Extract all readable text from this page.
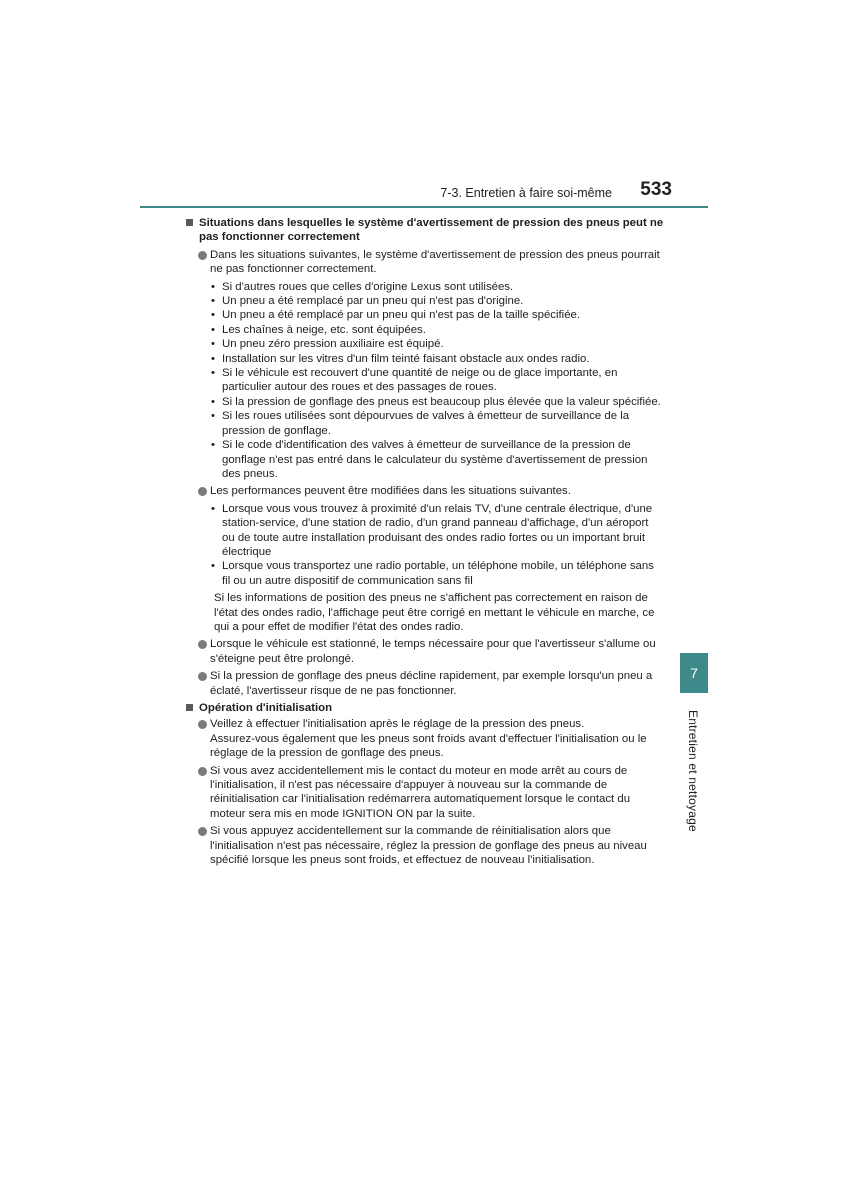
7-3. Entretien à faire soi-même 533
7
Entretien et nettoyage
Situations dans lesquelles le système d'avertissement de pression des pneus peut ne pas fonctionner correctement
Dans les situations suivantes, le système d'avertissement de pression des pneus pourrait ne pas fonctionner correctement.
• Si d'autres roues que celles d'origine Lexus sont utilisées.
• Un pneu a été remplacé par un pneu qui n'est pas d'origine.
• Un pneu a été remplacé par un pneu qui n'est pas de la taille spécifiée.
• Les chaînes à neige, etc. sont équipées.
• Un pneu zéro pression auxiliaire est équipé.
• Installation sur les vitres d'un film teinté faisant obstacle aux ondes radio.
• Si le véhicule est recouvert d'une quantité de neige ou de glace importante, en particulier autour des roues et des passages de roues.
• Si la pression de gonflage des pneus est beaucoup plus élevée que la valeur spécifiée.
• Si les roues utilisées sont dépourvues de valves à émetteur de surveillance de la pression de gonflage.
• Si le code d'identification des valves à émetteur de surveillance de la pression de gonflage n'est pas entré dans le calculateur du système d'avertissement de pression des pneus.
Les performances peuvent être modifiées dans les situations suivantes.
• Lorsque vous vous trouvez à proximité d'un relais TV, d'une centrale électrique, d'une station-service, d'une station de radio, d'un grand panneau d'affichage, d'un aéroport ou de toute autre installation produisant des ondes radio fortes ou un important bruit électrique
• Lorsque vous transportez une radio portable, un téléphone mobile, un téléphone sans fil ou un autre dispositif de communication sans fil
Si les informations de position des pneus ne s'affichent pas correctement en raison de l'état des ondes radio, l'affichage peut être corrigé en mettant le véhicule en marche, ce qui a pour effet de modifier l'état des ondes radio.
Lorsque le véhicule est stationné, le temps nécessaire pour que l'avertisseur s'allume ou s'éteigne peut être prolongé.
Si la pression de gonflage des pneus décline rapidement, par exemple lorsqu'un pneu a éclaté, l'avertisseur risque de ne pas fonctionner.
Opération d'initialisation
Veillez à effectuer l'initialisation après le réglage de la pression des pneus.
Assurez-vous également que les pneus sont froids avant d'effectuer l'initialisation ou le réglage de la pression de gonflage des pneus.
Si vous avez accidentellement mis le contact du moteur en mode arrêt au cours de l'initialisation, il n'est pas nécessaire d'appuyer à nouveau sur la commande de réinitialisation car l'initialisation redémarrera automatiquement lorsque le contact du moteur sera mis en mode IGNITION ON par la suite.
Si vous appuyez accidentellement sur la commande de réinitialisation alors que l'initialisation n'est pas nécessaire, réglez la pression de gonflage des pneus au niveau spécifié lorsque les pneus sont froids, et effectuez de nouveau l'initialisation.
